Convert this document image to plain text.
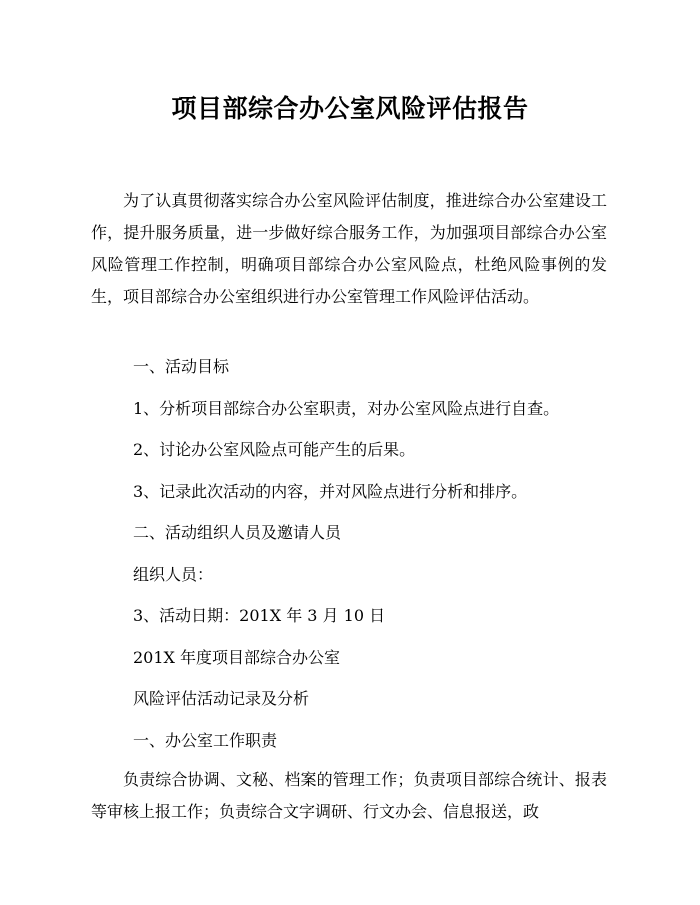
项目部综合办公室风险评估报告
为了认真贯彻落实综合办公室风险评估制度，推进综合办公室建设工作，提升服务质量，进一步做好综合服务工作，为加强项目部综合办公室风险管理工作控制，明确项目部综合办公室风险点，杜绝风险事例的发生，项目部综合办公室组织进行办公室管理工作风险评估活动。
一、活动目标
1、分析项目部综合办公室职责，对办公室风险点进行自查。
2、讨论办公室风险点可能产生的后果。
3、记录此次活动的内容，并对风险点进行分析和排序。
二、活动组织人员及邀请人员
组织人员：
3、活动日期：201X 年 3 月 10 日
201X 年度项目部综合办公室
风险评估活动记录及分析
一、办公室工作职责
负责综合协调、文秘、档案的管理工作；负责项目部综合统计、报表等审核上报工作；负责综合文字调研、行文办会、信息报送，政
